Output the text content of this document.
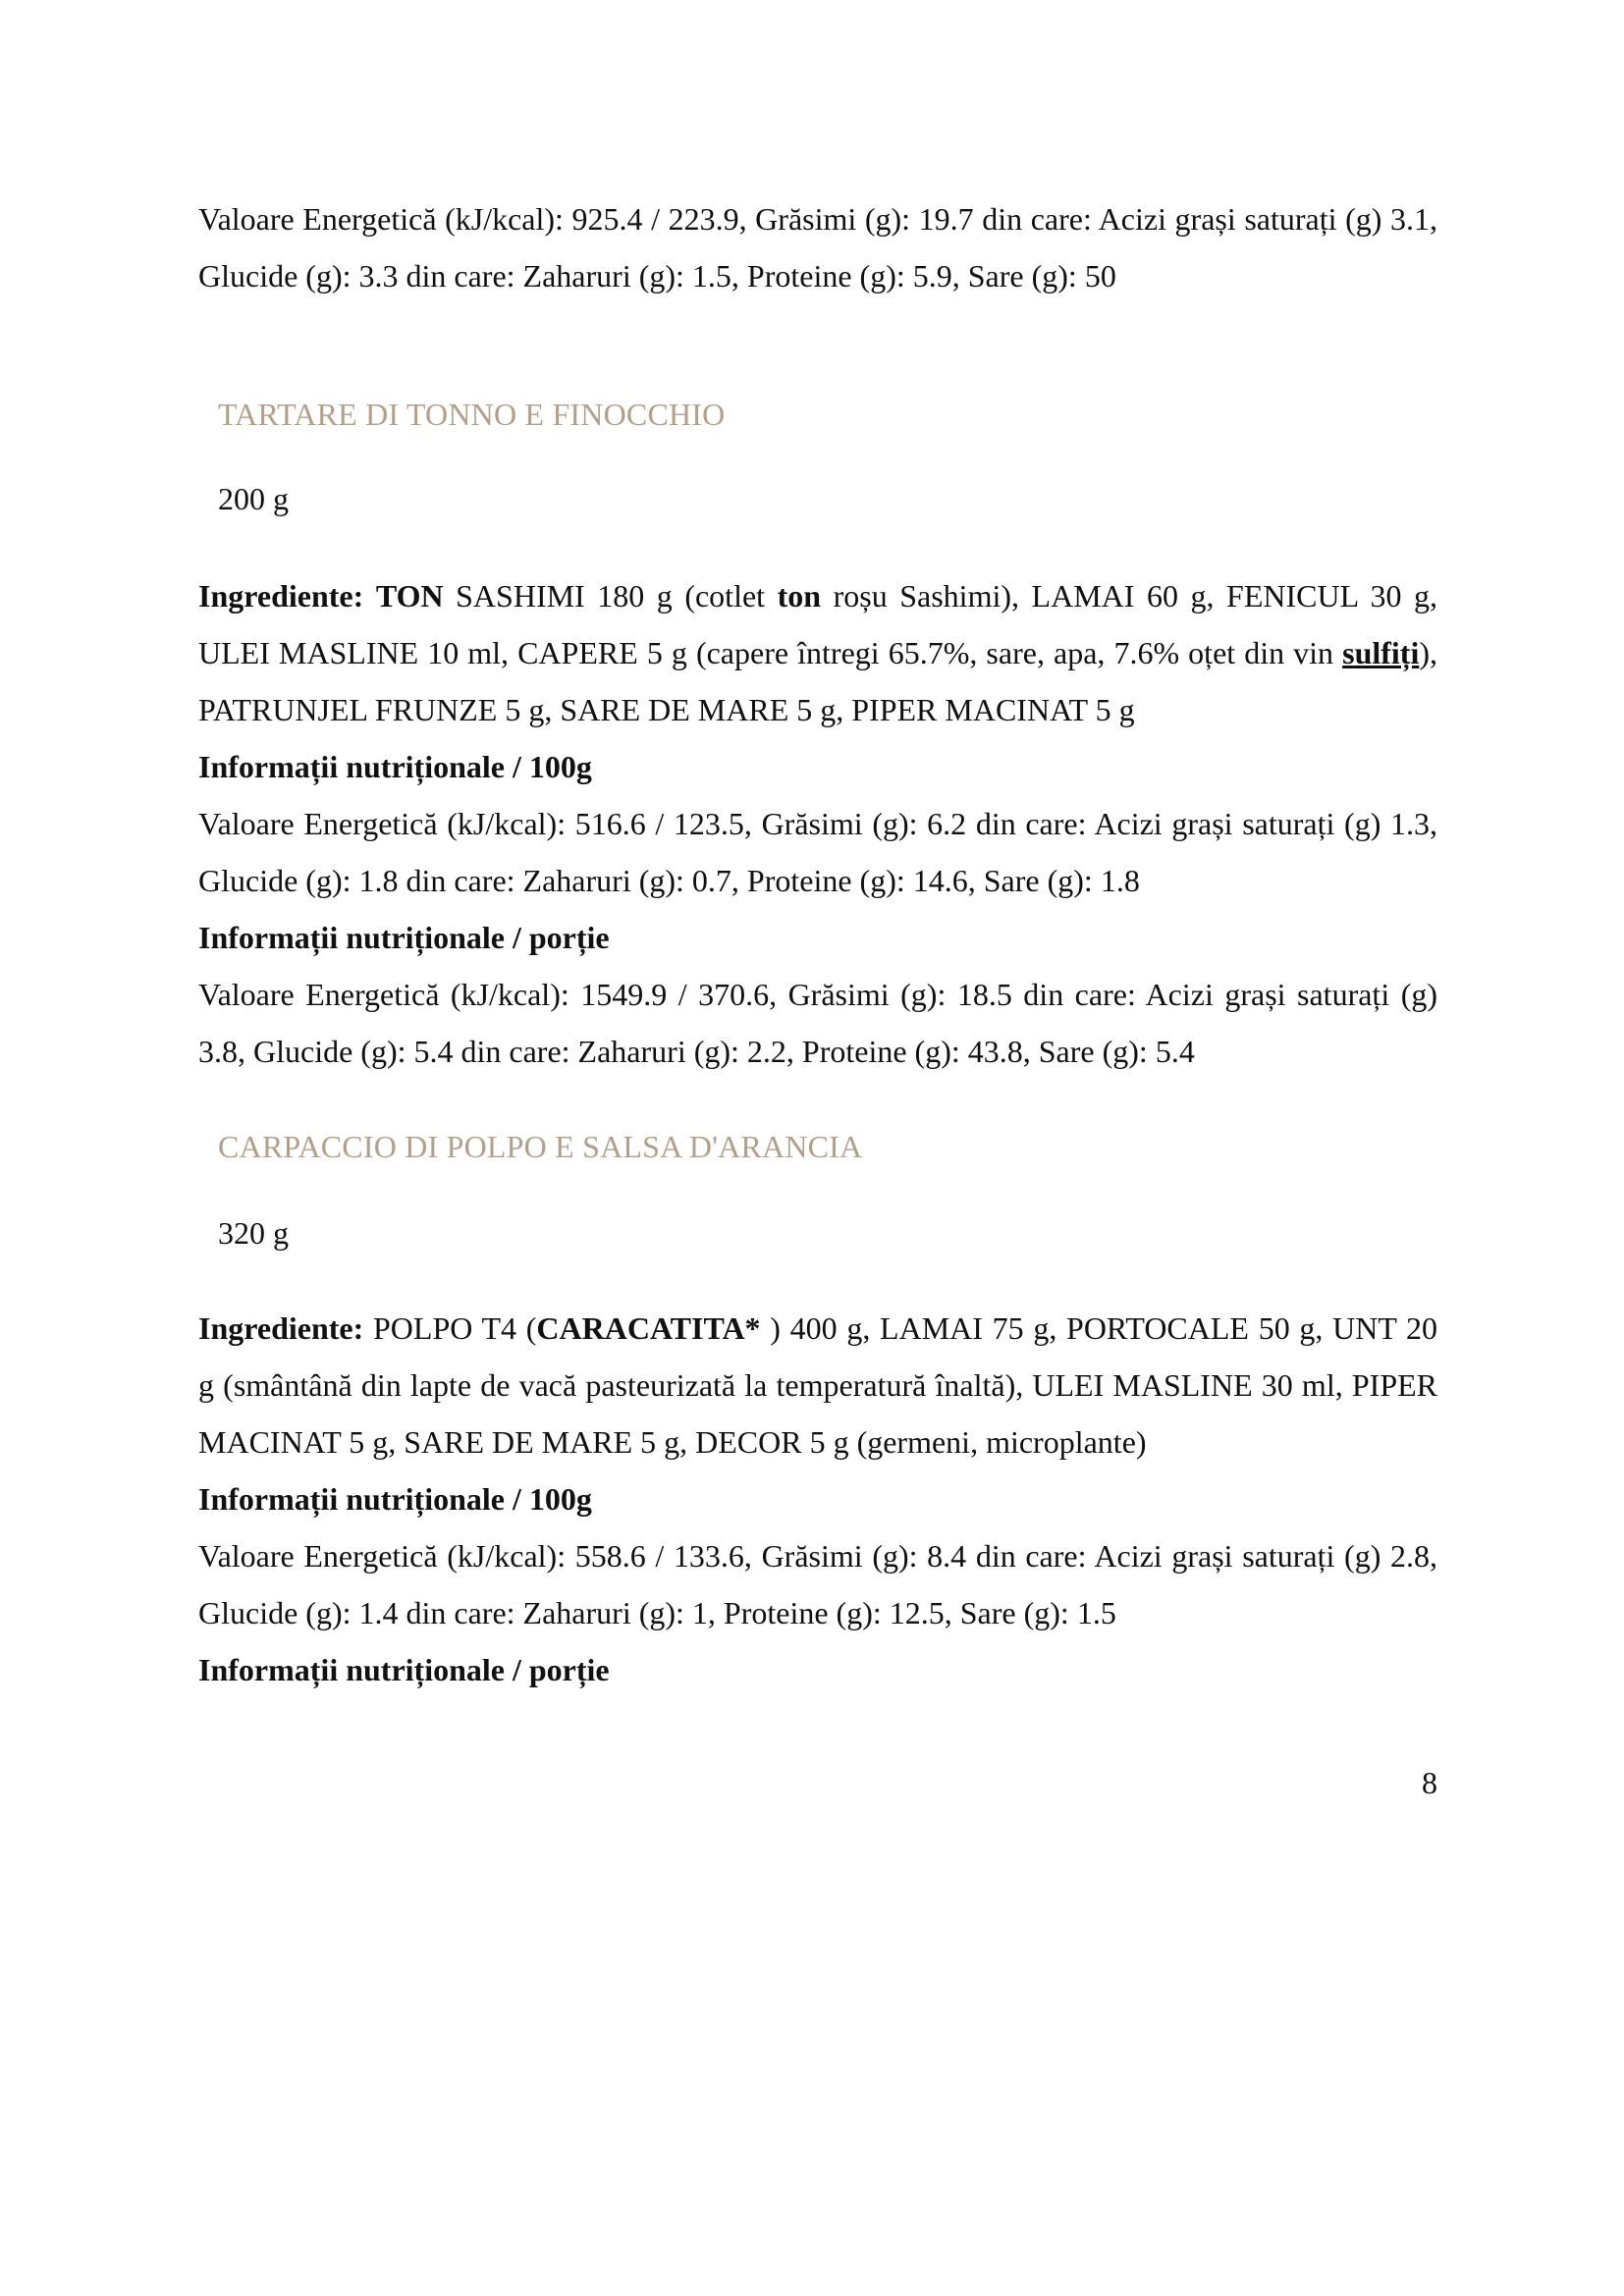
Valoare Energetică (kJ/kcal): 925.4 / 223.9, Grăsimi (g): 19.7 din care: Acizi grași saturați (g) 3.1, Glucide (g): 3.3 din care: Zaharuri (g): 1.5, Proteine (g): 5.9, Sare (g): 50
TARTARE DI TONNO E FINOCCHIO
200 g
Ingrediente: TON SASHIMI 180 g (cotlet ton roșu Sashimi), LAMAI 60 g, FENICUL 30 g, ULEI MASLINE 10 ml, CAPERE 5 g (capere întregi 65.7%, sare, apa, 7.6% oțet din vin sulfiți), PATRUNJEL FRUNZE 5 g, SARE DE MARE 5 g, PIPER MACINAT 5 g
Informații nutriționale / 100g
Valoare Energetică (kJ/kcal): 516.6 / 123.5, Grăsimi (g): 6.2 din care: Acizi grași saturați (g) 1.3, Glucide (g): 1.8 din care: Zaharuri (g): 0.7, Proteine (g): 14.6, Sare (g): 1.8
Informații nutriționale / porție
Valoare Energetică (kJ/kcal): 1549.9 / 370.6, Grăsimi (g): 18.5 din care: Acizi grași saturați (g) 3.8, Glucide (g): 5.4 din care: Zaharuri (g): 2.2, Proteine (g): 43.8, Sare (g): 5.4
CARPACCIO DI POLPO E SALSA D'ARANCIA
320 g
Ingrediente: POLPO T4 (CARACATITA* ) 400 g, LAMAI 75 g, PORTOCALE 50 g, UNT 20 g (smântână din lapte de vacă pasteurizată la temperatură înaltă), ULEI MASLINE 30 ml, PIPER MACINAT 5 g, SARE DE MARE 5 g, DECOR 5 g (germeni, microplante)
Informații nutriționale / 100g
Valoare Energetică (kJ/kcal): 558.6 / 133.6, Grăsimi (g): 8.4 din care: Acizi grași saturați (g) 2.8, Glucide (g): 1.4 din care: Zaharuri (g): 1, Proteine (g): 12.5, Sare (g): 1.5
Informații nutriționale / porție
8
